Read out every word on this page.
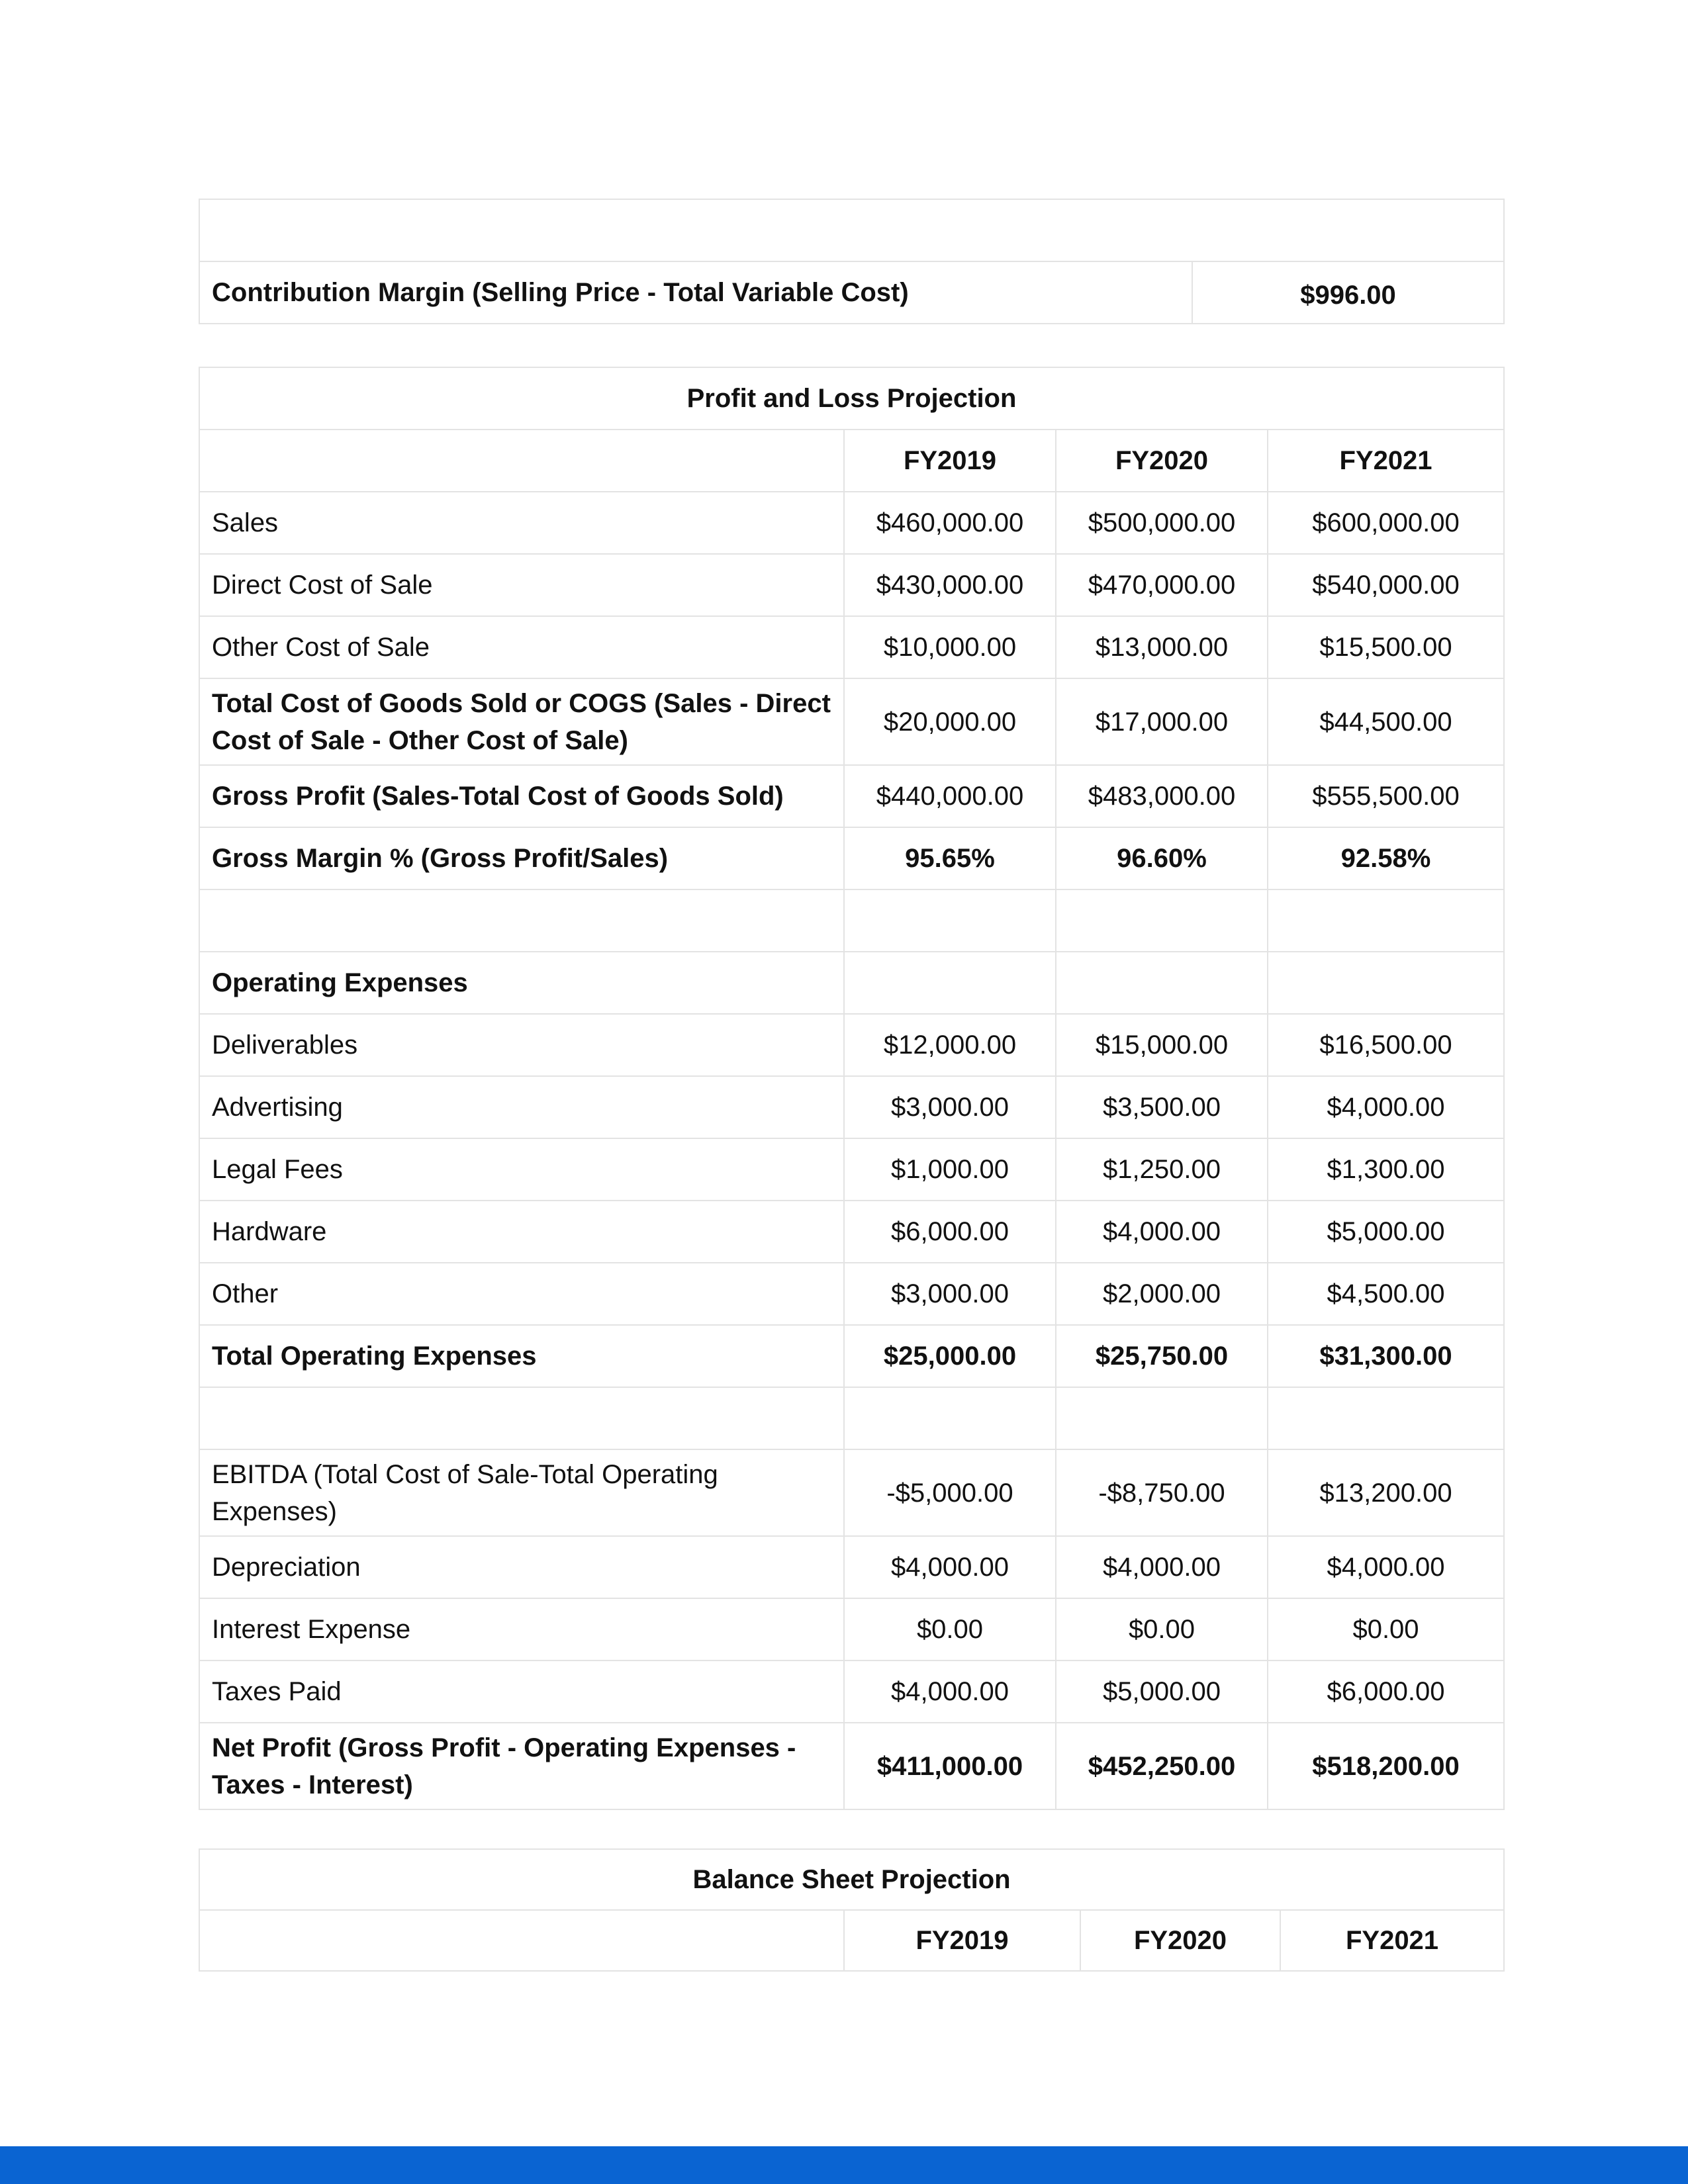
Contribution Margin (Selling Price - Total Variable Cost)	$996.00
Profit and Loss Projection			
	FY2019	FY2020	FY2021
Sales	$460,000.00	$500,000.00	$600,000.00
Direct Cost of Sale	$430,000.00	$470,000.00	$540,000.00
Other Cost of Sale	$10,000.00	$13,000.00	$15,500.00
Total Cost of Goods Sold or COGS (Sales - Direct Cost of Sale - Other Cost of Sale)	$20,000.00	$17,000.00	$44,500.00
Gross Profit (Sales-Total Cost of Goods Sold)	$440,000.00	$483,000.00	$555,500.00
Gross Margin % (Gross Profit/Sales)	95.65%	96.60%	92.58%

Operating Expenses			
Deliverables	$12,000.00	$15,000.00	$16,500.00
Advertising	$3,000.00	$3,500.00	$4,000.00
Legal Fees	$1,000.00	$1,250.00	$1,300.00
Hardware	$6,000.00	$4,000.00	$5,000.00
Other	$3,000.00	$2,000.00	$4,500.00
Total Operating Expenses	$25,000.00	$25,750.00	$31,300.00

EBITDA (Total Cost of Sale-Total Operating Expenses)	-$5,000.00	-$8,750.00	$13,200.00
Depreciation	$4,000.00	$4,000.00	$4,000.00
Interest Expense	$0.00	$0.00	$0.00
Taxes Paid	$4,000.00	$5,000.00	$6,000.00
Net Profit (Gross Profit - Operating Expenses - Taxes - Interest)	$411,000.00	$452,250.00	$518,200.00
Balance Sheet Projection
	FY2019	FY2020	FY2021
